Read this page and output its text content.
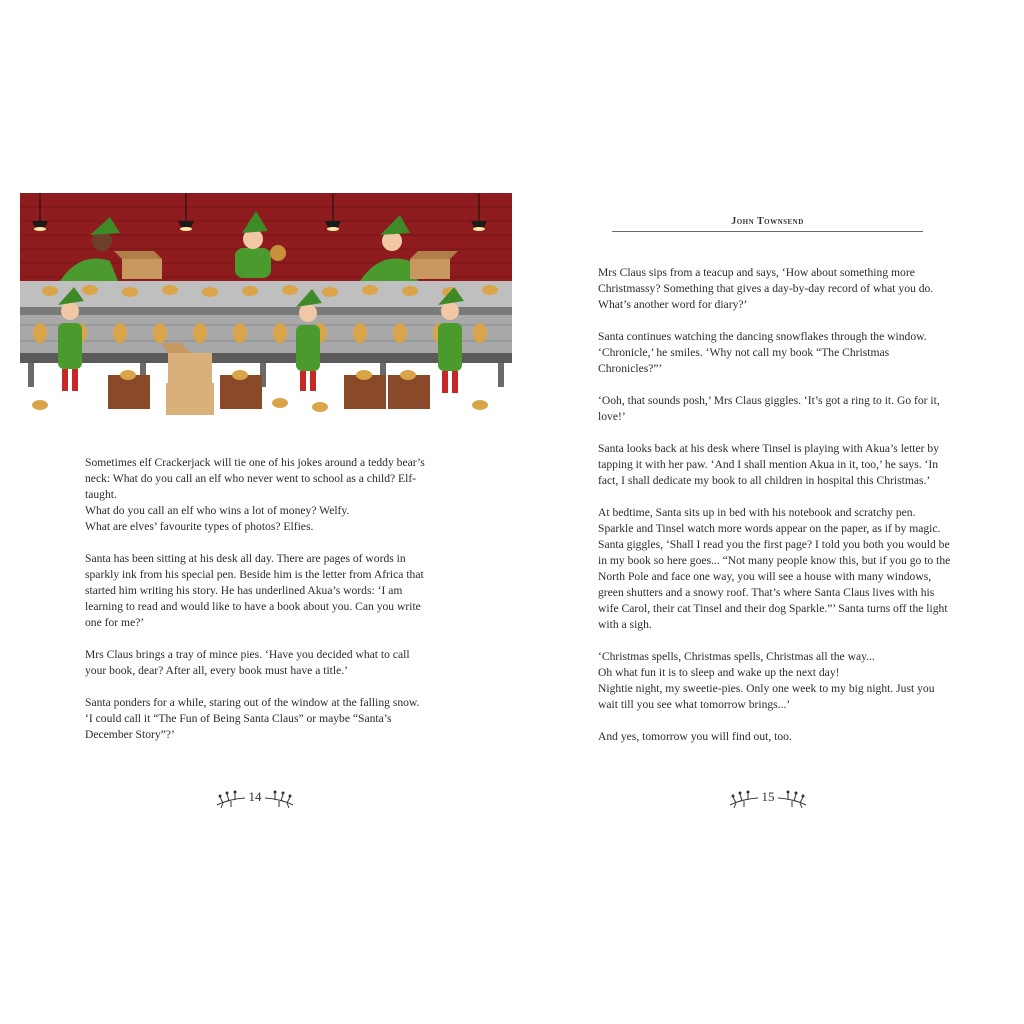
Sometimes elf Crackerjack will tie one of his jokes around a teddy bear’s neck: What do you call an elf who never went to school as a child? Elf-taught.
What do you call an elf who wins a lot of money? Welfy.
What are elves’ favourite types of photos? Elfies.

Santa has been sitting at his desk all day. There are pages of words in sparkly ink from his special pen. Beside him is the letter from Africa that started him writing his story. He has underlined Akua’s words: ‘I am learning to read and would like to have a book about you. Can you write one for me?’

Mrs Claus brings a tray of mince pies. ‘Have you decided what to call your book, dear? After all, every book must have a title.’

Santa ponders for a while, staring out of the window at the falling snow. ‘I could call it “The Fun of Being Santa Claus” or maybe “Santa’s December Story”?’

14
John Townsend

Mrs Claus sips from a teacup and says, ‘How about something more Christmassy? Something that gives a day-by-day record of what you do. What’s another word for diary?’

Santa continues watching the dancing snowflakes through the window. ‘Chronicle,’ he smiles. ‘Why not call my book “The Christmas Chronicles?”’

‘Ooh, that sounds posh,’ Mrs Claus giggles. ‘It’s got a ring to it. Go for it, love!’

Santa looks back at his desk where Tinsel is playing with Akua’s letter by tapping it with her paw. ‘And I shall mention Akua in it, too,’ he says. ‘In fact, I shall dedicate my book to all children in hospital this Christmas.’

At bedtime, Santa sits up in bed with his notebook and scratchy pen. Sparkle and Tinsel watch more words appear on the paper, as if by magic. Santa giggles, ‘Shall I read you the first page? I told you both you would be in my book so here goes... “Not many people know this, but if you go to the North Pole and face one way, you will see a house with many windows, green shutters and a snowy roof. That’s where Santa Claus lives with his wife Carol, their cat Tinsel and their dog Sparkle.”’ Santa turns off the light with a sigh.

‘Christmas spells, Christmas spells, Christmas all the way...
Oh what fun it is to sleep and wake up the next day!
Nightie night, my sweetie-pies. Only one week to my big night. Just you wait till you see what tomorrow brings...’

And yes, tomorrow you will find out, too.

15
